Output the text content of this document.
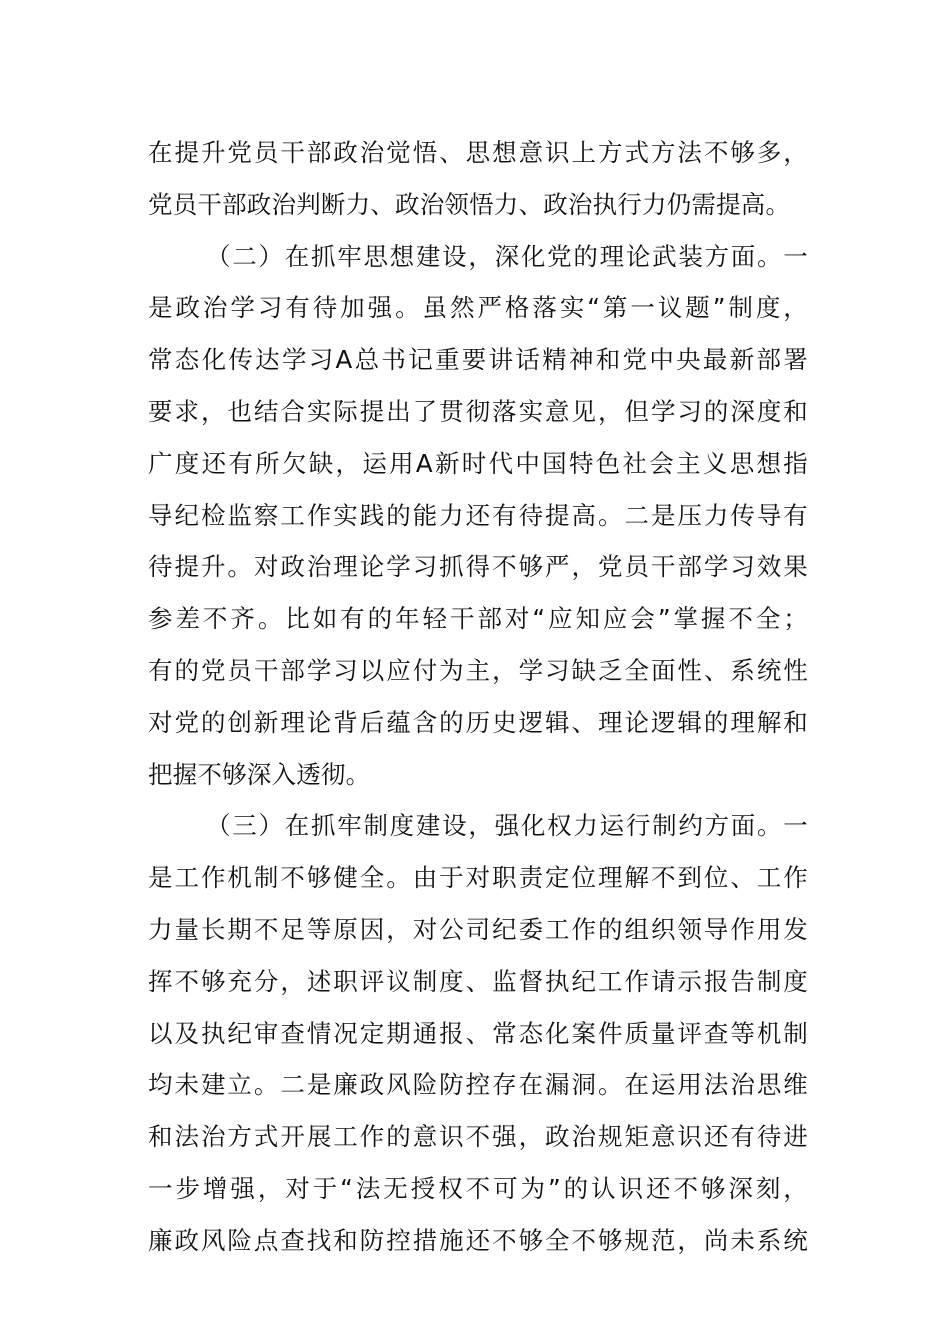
在提升党员干部政治觉悟、思想意识上方式方法不够多，
党员干部政治判断力、政治领悟力、政治执行力仍需提高。
（二）在抓牢思想建设，深化党的理论武装方面。一
是政治学习有待加强。虽然严格落实“第一议题”制度，
常态化传达学习A总书记重要讲话精神和党中央最新部署
要求，也结合实际提出了贯彻落实意见，但学习的深度和
广度还有所欠缺，运用A新时代中国特色社会主义思想指
导纪检监察工作实践的能力还有待提高。二是压力传导有
待提升。对政治理论学习抓得不够严，党员干部学习效果
参差不齐。比如有的年轻干部对“应知应会”掌握不全；
有的党员干部学习以应付为主，学习缺乏全面性、系统性
对党的创新理论背后蕴含的历史逻辑、理论逻辑的理解和
把握不够深入透彻。
（三）在抓牢制度建设，强化权力运行制约方面。一
是工作机制不够健全。由于对职责定位理解不到位、工作
力量长期不足等原因，对公司纪委工作的组织领导作用发
挥不够充分，述职评议制度、监督执纪工作请示报告制度
以及执纪审查情况定期通报、常态化案件质量评查等机制
均未建立。二是廉政风险防控存在漏洞。在运用法治思维
和法治方式开展工作的意识不强，政治规矩意识还有待进
一步增强，对于“法无授权不可为”的认识还不够深刻，
廉政风险点查找和防控措施还不够全不够规范，尚未系统
